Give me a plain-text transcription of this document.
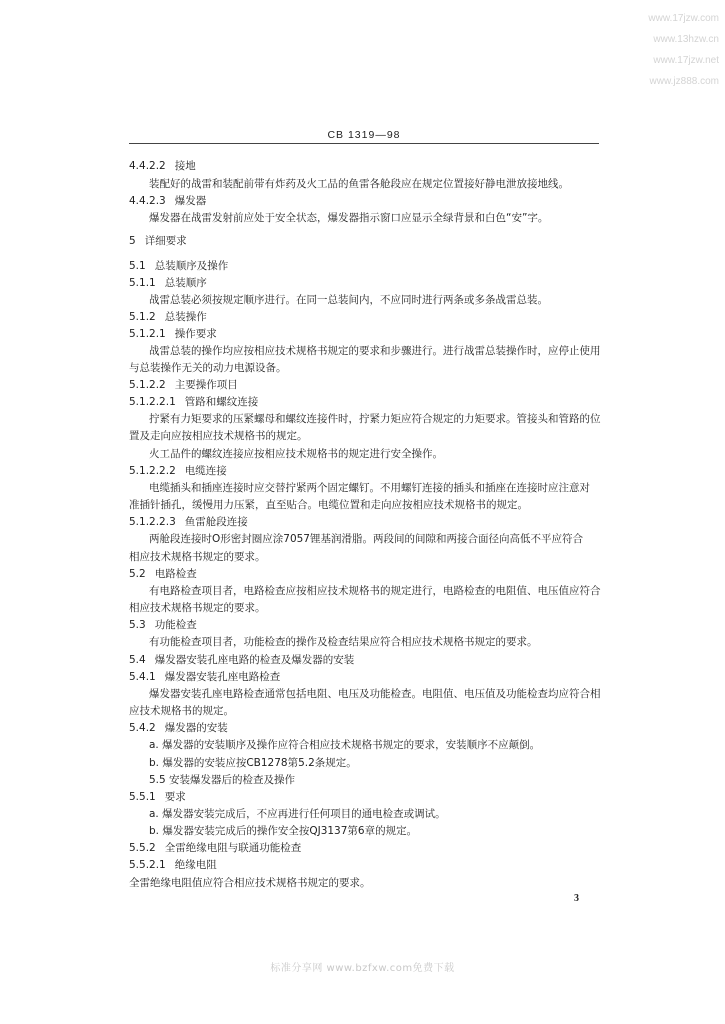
www.17jzw.com
www.13hzw.cn
www.17jzw.net
www.jz888.com
CB 1319—98
4.4.2.2 接地
装配好的战雷和装配前带有炸药及火工品的鱼雷各舱段应在规定位置接好静电泄放接地线。
4.4.2.3 爆发器
爆发器在战雷发射前应处于安全状态，爆发器指示窗口应显示全绿背景和白色“安”字。
5 详细要求
5.1 总装顺序及操作
5.1.1 总装顺序
战雷总装必须按规定顺序进行。在同一总装间内，不应同时进行两条或多条战雷总装。
5.1.2 总装操作
5.1.2.1 操作要求
战雷总装的操作均应按相应技术规格书规定的要求和步骤进行。进行战雷总装操作时，应停止使用
与总装操作无关的动力电源设备。
5.1.2.2 主要操作项目
5.1.2.2.1 管路和螺纹连接
拧紧有力矩要求的压紧螺母和螺纹连接件时，拧紧力矩应符合规定的力矩要求。管接头和管路的位
置及走向应按相应技术规格书的规定。
火工品件的螺纹连接应按相应技术规格书的规定进行安全操作。
5.1.2.2.2 电缆连接
电缆插头和插座连接时应交替拧紧两个固定螺钉。不用螺钉连接的插头和插座在连接时应注意对
准插针插孔，缓慢用力压紧，直至贴合。电缆位置和走向应按相应技术规格书的规定。
5.1.2.2.3 鱼雷舱段连接
两舱段连接时O形密封圈应涂7057锂基润滑脂。两段间的间隙和两接合面径向高低不平应符合
相应技术规格书规定的要求。
5.2 电路检查
有电路检查项目者，电路检查应按相应技术规格书的规定进行，电路检查的电阻值、电压值应符合
相应技术规格书规定的要求。
5.3 功能检查
有功能检查项目者，功能检查的操作及检查结果应符合相应技术规格书规定的要求。
5.4 爆发器安装孔座电路的检查及爆发器的安装
5.4.1 爆发器安装孔座电路检查
爆发器安装孔座电路检查通常包括电阻、电压及功能检查。电阻值、电压值及功能检查均应符合相
应技术规格书的规定。
5.4.2 爆发器的安装
a. 爆发器的安装顺序及操作应符合相应技术规格书规定的要求，安装顺序不应颠倒。
b. 爆发器的安装应按CB1278第5.2条规定。
5.5 安装爆发器后的检查及操作
5.5.1 要求
a. 爆发器安装完成后，不应再进行任何项目的通电检查或调试。
b. 爆发器安装完成后的操作安全按QJ3137第6章的规定。
5.5.2 全雷绝缘电阻与联通功能检查
5.5.2.1 绝缘电阻
全雷绝缘电阻值应符合相应技术规格书规定的要求。
3
标准分享网 www.bzfxw.com免费下载
